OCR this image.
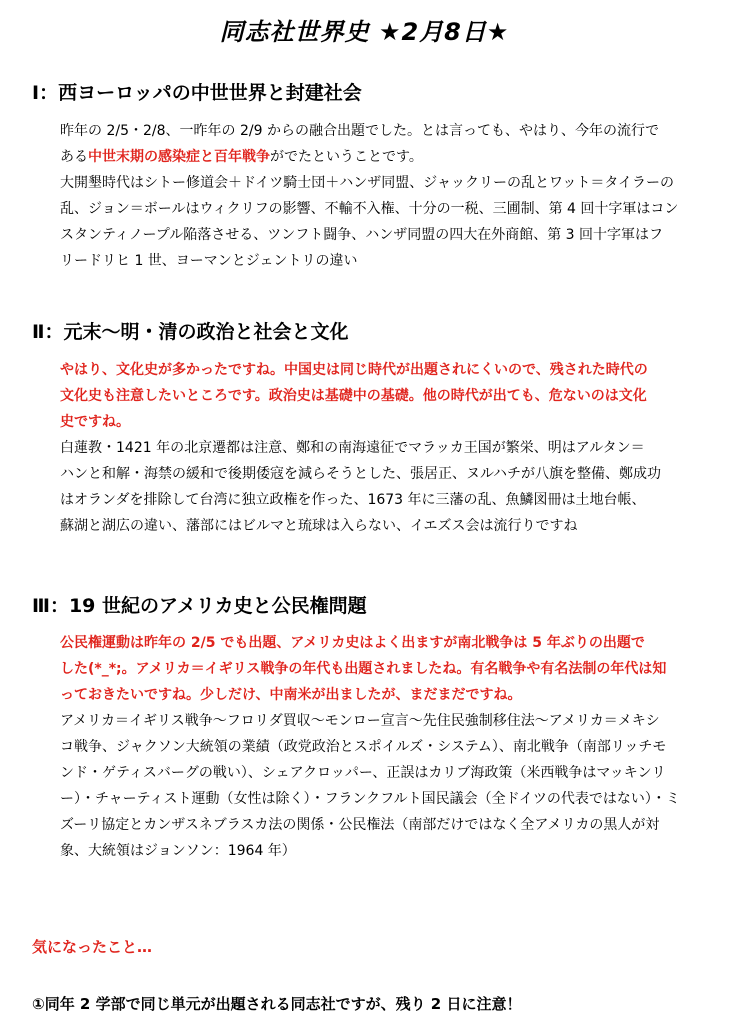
同志社世界史 ★2月8日★
Ⅰ：西ヨーロッパの中世世界と封建社会
昨年の 2/5・2/8、一昨年の 2/9 からの融合出題でした。とは言っても、やはり、今年の流行で
ある中世末期の感染症と百年戦争がでたということです。
大開墾時代はシトー修道会＋ドイツ騎士団＋ハンザ同盟、ジャックリーの乱とワット＝タイラーの
乱、ジョン＝ボールはウィクリフの影響、不輸不入権、十分の一税、三圃制、第 4 回十字軍はコン
スタンティノープル陥落させる、ツンフト闘争、ハンザ同盟の四大在外商館、第 3 回十字軍はフ
リードリヒ 1 世、ヨーマンとジェントリの違い
Ⅱ：元末～明・清の政治と社会と文化
やはり、文化史が多かったですね。中国史は同じ時代が出題されにくいので、残された時代の
文化史も注意したいところです。政治史は基礎中の基礎。他の時代が出ても、危ないのは文化
史ですね。
白蓮教・1421 年の北京遷都は注意、鄭和の南海遠征でマラッカ王国が繁栄、明はアルタン＝
ハンと和解・海禁の緩和で後期倭寇を減らそうとした、張居正、ヌルハチが八旗を整備、鄭成功
はオランダを排除して台湾に独立政権を作った、1673 年に三藩の乱、魚鱗図冊は土地台帳、
蘇湖と湖広の違い、藩部にはビルマと琉球は入らない、イエズス会は流行りですね
Ⅲ：19 世紀のアメリカ史と公民権問題
公民権運動は昨年の 2/5 でも出題、アメリカ史はよく出ますが南北戦争は 5 年ぶりの出題で
した(*_*;。アメリカ＝イギリス戦争の年代も出題されましたね。有名戦争や有名法制の年代は知
っておきたいですね。少しだけ、中南米が出ましたが、まだまだですね。
アメリカ＝イギリス戦争～フロリダ買収～モンロー宣言～先住民強制移住法～アメリカ＝メキシ
コ戦争、ジャクソン大統領の業績（政党政治とスポイルズ・システム）、南北戦争（南部リッチモ
ンド・ゲティスバーグの戦い）、シェアクロッパー、正誤はカリブ海政策（米西戦争はマッキンリ
ー）・チャーティスト運動（女性は除く）・フランクフルト国民議会（全ドイツの代表ではない）・ミ
ズーリ協定とカンザスネブラスカ法の関係・公民権法（南部だけではなく全アメリカの黒人が対
象、大統領はジョンソン：1964 年）
気になったこと…
①同年 2 学部で同じ単元が出題される同志社ですが、残り 2 日に注意！
